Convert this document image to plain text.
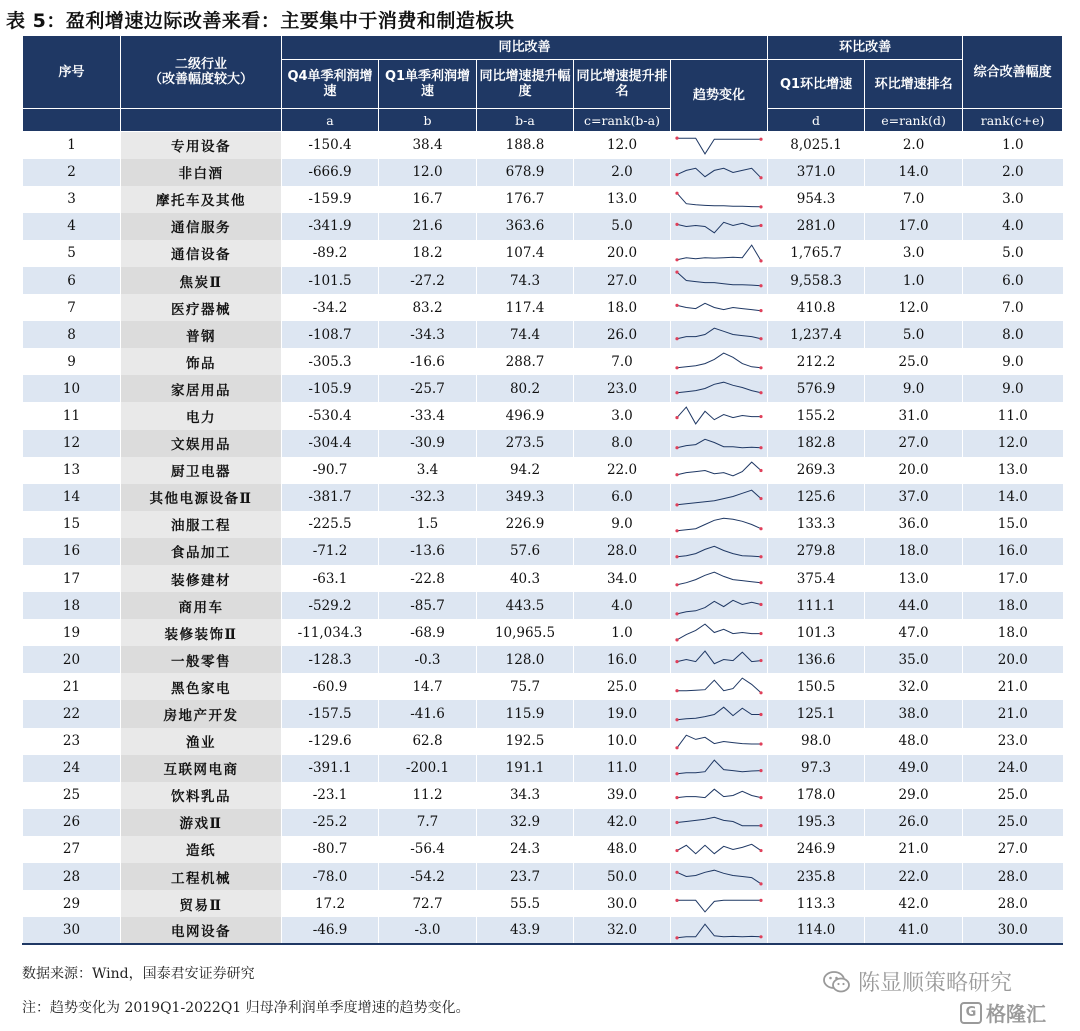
表 5：盈利增速边际改善来看：主要集中于消费和制造板块
序号	二级行业
（改善幅度较大）	同比改善					环比改善		综合改善幅度
		Q4单季利润增速	Q1单季利润增速	同比增速提升幅度	同比增速提升排名	趋势变化	Q1环比增速	环比增速排名	
		a	b	b-a	c=rank(b-a)		d	e=rank(d)	rank(c+e)
1	专用设备	-150.4	38.4	188.8	12.0		8,025.1	2.0	1.0
2	非白酒	-666.9	12.0	678.9	2.0		371.0	14.0	2.0
3	摩托车及其他	-159.9	16.7	176.7	13.0		954.3	7.0	3.0
4	通信服务	-341.9	21.6	363.6	5.0		281.0	17.0	4.0
5	通信设备	-89.2	18.2	107.4	20.0		1,765.7	3.0	5.0
6	焦炭Ⅱ	-101.5	-27.2	74.3	27.0		9,558.3	1.0	6.0
7	医疗器械	-34.2	83.2	117.4	18.0		410.8	12.0	7.0
8	普钢	-108.7	-34.3	74.4	26.0		1,237.4	5.0	8.0
9	饰品	-305.3	-16.6	288.7	7.0		212.2	25.0	9.0
10	家居用品	-105.9	-25.7	80.2	23.0		576.9	9.0	9.0
11	电力	-530.4	-33.4	496.9	3.0		155.2	31.0	11.0
12	文娱用品	-304.4	-30.9	273.5	8.0		182.8	27.0	12.0
13	厨卫电器	-90.7	3.4	94.2	22.0		269.3	20.0	13.0
14	其他电源设备Ⅱ	-381.7	-32.3	349.3	6.0		125.6	37.0	14.0
15	油服工程	-225.5	1.5	226.9	9.0		133.3	36.0	15.0
16	食品加工	-71.2	-13.6	57.6	28.0		279.8	18.0	16.0
17	装修建材	-63.1	-22.8	40.3	34.0		375.4	13.0	17.0
18	商用车	-529.2	-85.7	443.5	4.0		111.1	44.0	18.0
19	装修装饰Ⅱ	-11,034.3	-68.9	10,965.5	1.0		101.3	47.0	18.0
20	一般零售	-128.3	-0.3	128.0	16.0		136.6	35.0	20.0
21	黑色家电	-60.9	14.7	75.7	25.0		150.5	32.0	21.0
22	房地产开发	-157.5	-41.6	115.9	19.0		125.1	38.0	21.0
23	渔业	-129.6	62.8	192.5	10.0		98.0	48.0	23.0
24	互联网电商	-391.1	-200.1	191.1	11.0		97.3	49.0	24.0
25	饮料乳品	-23.1	11.2	34.3	39.0		178.0	29.0	25.0
26	游戏Ⅱ	-25.2	7.7	32.9	42.0		195.3	26.0	25.0
27	造纸	-80.7	-56.4	24.3	48.0		246.9	21.0	27.0
28	工程机械	-78.0	-54.2	23.7	50.0		235.8	22.0	28.0
29	贸易Ⅱ	17.2	72.7	55.5	30.0		113.3	42.0	28.0
30	电网设备	-46.9	-3.0	43.9	32.0		114.0	41.0	30.0
数据来源：Wind，国泰君安证券研究
注：趋势变化为 2019Q1-2022Q1 归母净利润单季度增速的趋势变化。
陈显顺策略研究
G 格隆汇
